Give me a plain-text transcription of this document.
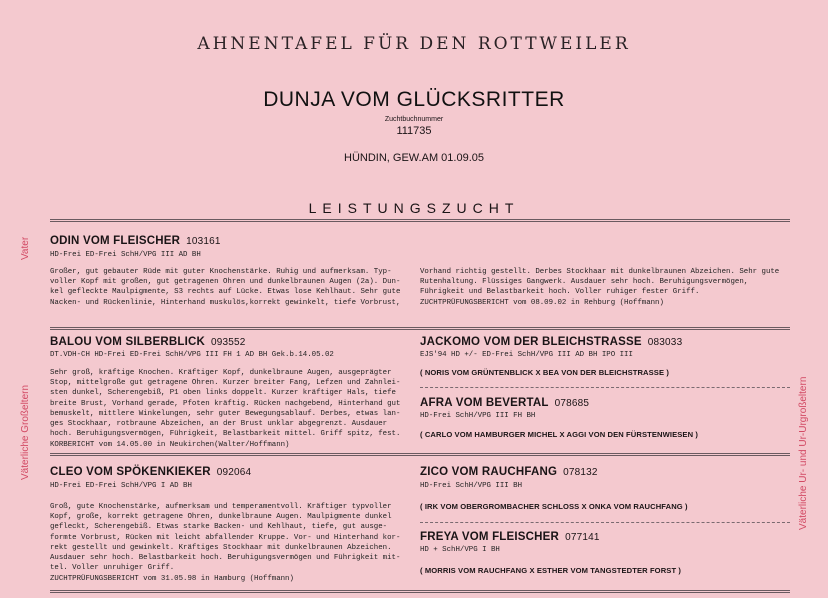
AHNENTAFEL FÜR DEN ROTTWEILER
DUNJA VOM GLÜCKSRITTER
Zuchtbuchnummer
111735
HÜNDIN, GEW.AM 01.09.05
LEISTUNGSZUCHT
Vater
Väterliche Großeltern	Väterliche Ur- und Ur-Urgroßeltern
ODIN VOM FLEISCHER 103161
HD-Frei ED-Frei SchH/VPG III AD BH
Großer, gut gebauter Rüde mit guter Knochenstärke. Ruhig und aufmerksam. Typ- voller Kopf mit großen, gut getragenen Ohren und dunkelbraunen Augen (2a). Dun- kel gefleckte Maulpigmente, S3 rechts auf Lücke. Etwas lose Kehlhaut. Sehr gute Nacken- und Rückenlinie, Hinterhand muskulös,korrekt gewinkelt, tiefe Vorbrust,
Vorhand richtig gestellt. Derbes Stockhaar mit dunkelbraunen Abzeichen. Sehr gute Rutenhaltung. Flüssiges Gangwerk. Ausdauer sehr hoch. Beruhigungsvermögen, Führigkeit und Belastbarkeit hoch. Voller ruhiger fester Griff.
ZUCHTPRÜFUNGSBERICHT vom 08.09.02 in Rehburg (Hoffmann)
BALOU VOM SILBERBLICK 093552
DT.VDH-CH HD-Frei ED-Frei SchH/VPG III FH 1 AD BH Gek.b.14.05.02
Sehr groß, kräftige Knochen. Kräftiger Kopf, dunkelbraune Augen, ausgeprägter Stop, mittelgroße gut getragene Ohren. Kurzer breiter Fang, Lefzen und Zahnlei- sten dunkel, Scherengebiß, P1 oben links doppelt. Kurzer kräftiger Hals, tiefe breite Brust, Vorhand gerade, Pfoten kräftig. Rücken nachgebend, Hinterhand gut bemuskelt, mittlere Winkelungen, sehr guter Bewegungsablauf. Derbes, etwas lan- ges Stockhaar, rotbraune Abzeichen, an der Brust unklar abgegrenzt. Ausdauer hoch. Beruhigungsvermögen, Führigkeit, Belastbarkeit mittel. Griff spitz, fest.
KORBERICHT vom 14.05.00 in Neukirchen(Walter/Hoffmann)
CLEO VOM SPÖKENKIEKER 092064
HD-Frei ED-Frei SchH/VPG I AD BH
Groß, gute Knochenstärke, aufmerksam und temperamentvoll. Kräftiger typvoller Kopf, große, korrekt getragene Ohren, dunkelbraune Augen. Maulpigmente dunkel gefleckt, Scherengebiß. Etwas starke Backen- und Kehlhaut, tiefe, gut ausge- formte Vorbrust, Rücken mit leicht abfallender Kruppe. Vor- und Hinterhand kor- rekt gestellt und gewinkelt. Kräftiges Stockhaar mit dunkelbraunen Abzeichen. Ausdauer sehr hoch. Belastbarkeit hoch. Beruhigungsvermögen und Führigkeit mit- tel. Voller unruhiger Griff.
ZUCHTPRÜFUNGSBERICHT vom 31.05.98 in Hamburg (Hoffmann)
JACKOMO VOM DER BLEICHSTRASSE 083033
EJS'94 HD +/- ED-Frei SchH/VPG III AD BH IPO III
( NORIS VOM GRÜNTENBLICK X BEA VON DER BLEICHSTRASSE )
AFRA VOM BEVERTAL 078685
HD-Frei SchH/VPG III FH BH
( CARLO VOM HAMBURGER MICHEL X AGGI VON DEN FÜRSTENWIESEN )
ZICO VOM RAUCHFANG 078132
HD-Frei SchH/VPG III BH
( IRK VOM OBERGROMBACHER SCHLOSS X ONKA VOM RAUCHFANG )
FREYA VOM FLEISCHER 077141
HD + SchH/VPG I BH
( MORRIS VOM RAUCHFANG X ESTHER VOM TANGSTEDTER FORST )
